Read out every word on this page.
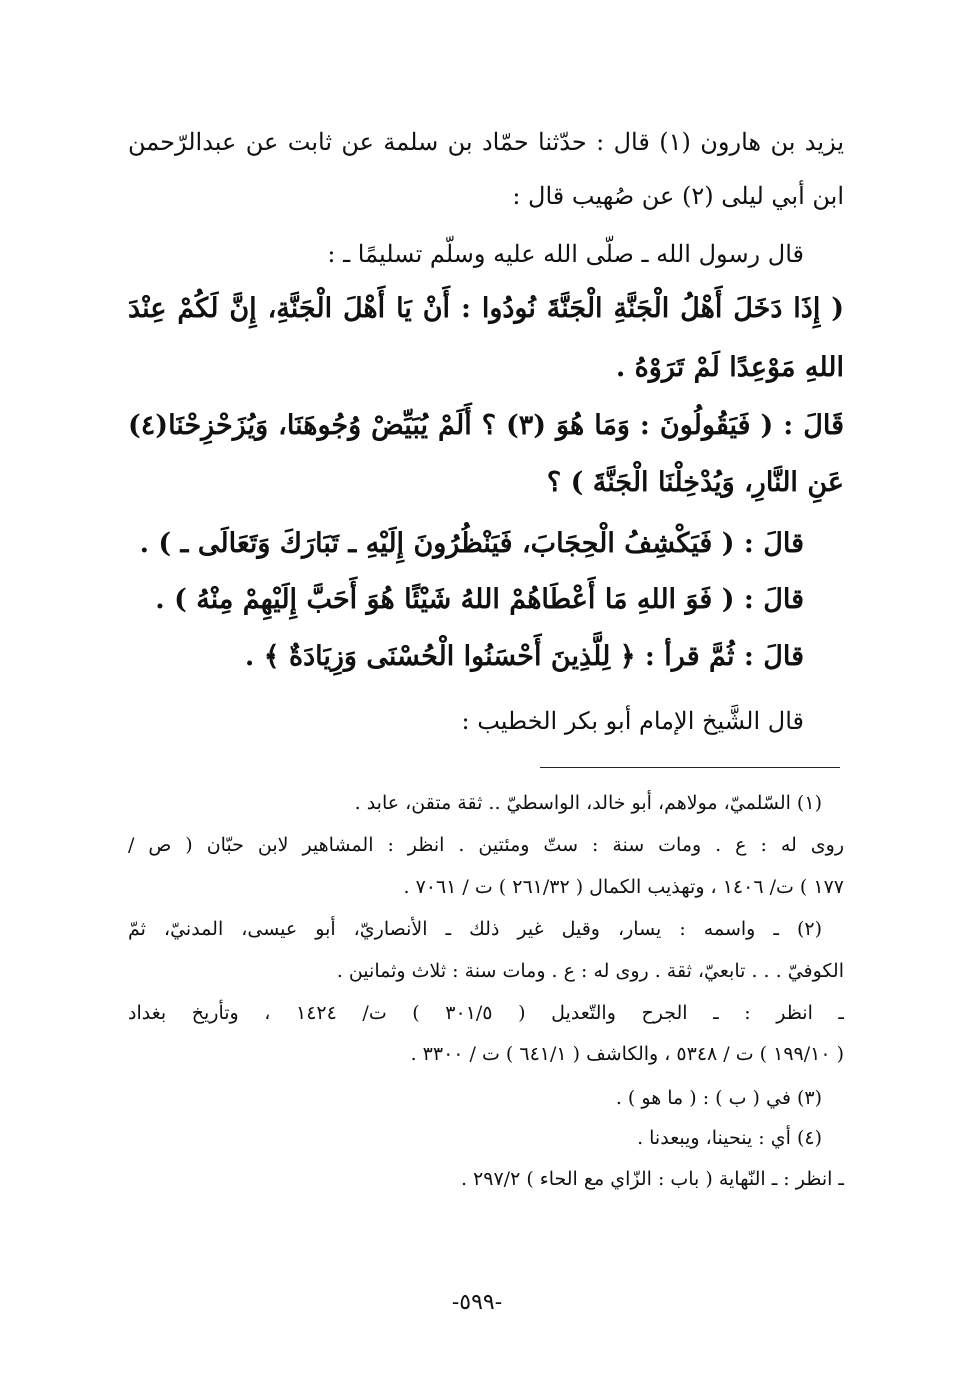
يزيد بن هارون (١) قال : حدّثنا حمّاد بن سلمة عن ثابت عن عبدالرّحمن
ابن أبي ليلى (٢) عن صُهيب قال :
قال رسول الله ـ صلّى الله عليه وسلّم تسليمًا ـ :
( إِذَا دَخَلَ أَهْلُ الْجَنَّةِ الْجَنَّةَ نُودُوا : أَنْ يَا أَهْلَ الْجَنَّةِ، إِنَّ لَكُمْ عِنْدَ
اللهِ مَوْعِدًا لَمْ تَرَوْهُ .
قَالَ : ( فَيَقُولُونَ : وَمَا هُوَ (٣) ؟ أَلَمْ يُبَيِّضْ وُجُوهَنَا، وَيُزَحْزِحْنَا(٤)
عَنِ النَّارِ، وَيُدْخِلْنَا الْجَنَّةَ ) ؟
قالَ : ( فَيَكْشِفُ الْحِجَابَ، فَيَنْظُرُونَ إِلَيْهِ ـ تَبَارَكَ وَتَعَالَى ـ ) .
قالَ : ( فَوَ اللهِ مَا أَعْطَاهُمْ اللهُ شَيْئًا هُوَ أَحَبَّ إِلَيْهِمْ مِنْهُ ) .
قالَ : ثُمَّ قرأ : ﴿ لِلَّذِينَ أَحْسَنُوا الْحُسْنَى وَزِيَادَةٌ ﴾ .
قال الشَّيخ الإمام أبو بكر الخطيب :
(١) السّلميّ، مولاهم، أبو خالد، الواسطيّ .. ثقة متقن، عابد .
روى له : ع . ومات سنة : ستّ ومئتين . انظر : المشاهير لابن حبّان ( ص /
١٧٧ ) ت/ ١٤٠٦ ، وتهذيب الكمال ( ٢٦١/٣٢ ) ت / ٧٠٦١ .
(٢) ـ واسمه : يسار، وقيل غير ذلك ـ الأنصاريّ، أبو عيسى، المدنيّ، ثمّ
الكوفيّ . . . تابعيّ، ثقة . روى له : ع . ومات سنة : ثلاث وثمانين .
ـ انظر : ـ الجرح والتّعديل ( ٣٠١/٥ ) ت/ ١٤٢٤ ، وتأريخ بغداد
( ١٩٩/١٠ ) ت / ٥٣٤٨ ، والكاشف ( ٦٤١/١ ) ت / ٣٣٠٠ .
(٣) في ( ب ) : ( ما هو ) .
(٤) أي : ينحينا، ويبعدنا .
ـ انظر : ـ النّهاية ( باب : الزّاي مع الحاء ) ٢٩٧/٢ .
-٥٩٩-
